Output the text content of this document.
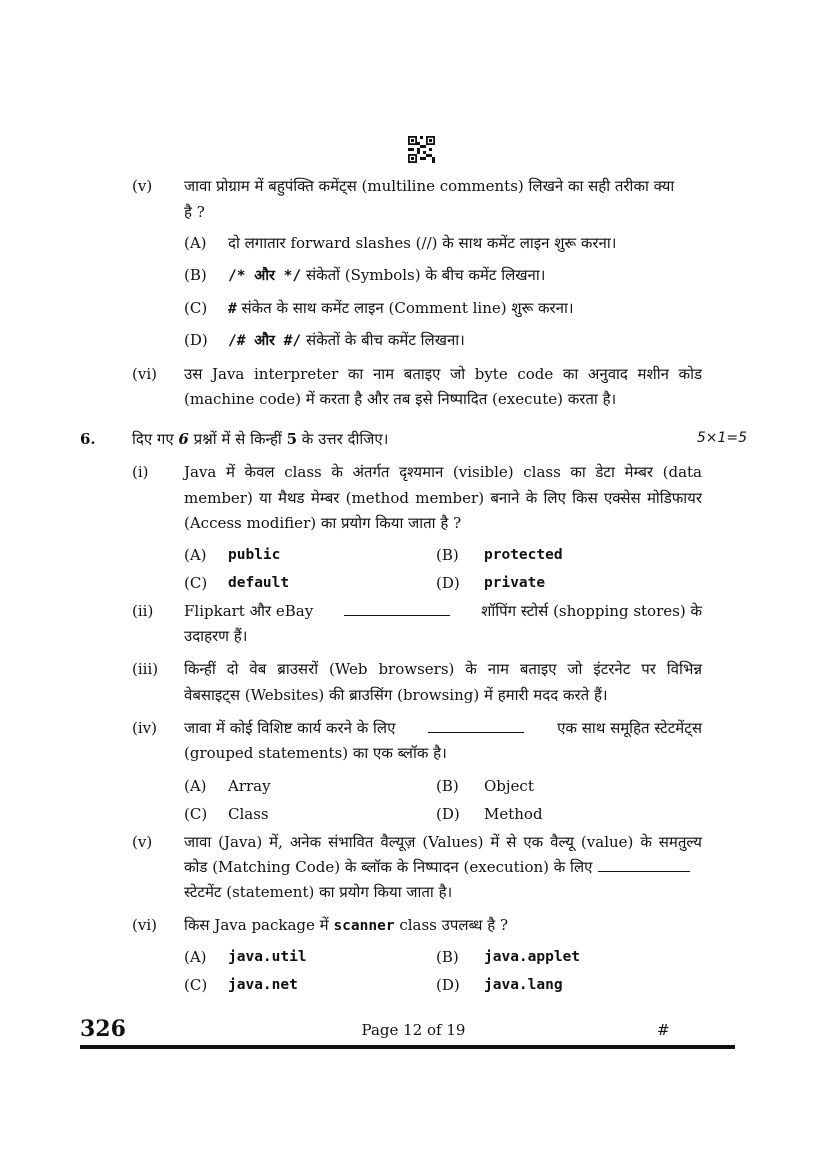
(v) जावा प्रोग्राम में बहुपंक्ति कमेंट्स (multiline comments) लिखने का सही तरीका क्या
है ?
(A) दो लगातार forward slashes (//) के साथ कमेंट लाइन शुरू करना।
(B) /* और */ संकेतों (Symbols) के बीच कमेंट लिखना।
(C) # संकेत के साथ कमेंट लाइन (Comment line) शुरू करना।
(D) /# और #/ संकेतों के बीच कमेंट लिखना।
(vi) उस Java interpreter का नाम बताइए जो byte code का अनुवाद मशीन कोड
(machine code) में करता है और तब इसे निष्पादित (execute) करता है।
6. दिए गए 6 प्रश्नों में से किन्हीं 5 के उत्तर दीजिए।	5×1=5
(i) Java में केवल class के अंतर्गत दृश्यमान (visible) class का डेटा मेम्बर (data
member) या मैथड मेम्बर (method member) बनाने के लिए किस एक्सेस मोडिफायर
(Access modifier) का प्रयोग किया जाता है ?
(A) public	(B) protected
(C) default	(D) private
(ii) Flipkart और eBay	शॉपिंग स्टोर्स (shopping stores) के
उदाहरण हैं।
(iii) किन्हीं दो वेब ब्राउसरों (Web browsers) के नाम बताइए जो इंटरनेट पर विभिन्न
वेबसाइट्स (Websites) की ब्राउसिंग (browsing) में हमारी मदद करते हैं।
(iv) जावा में कोई विशिष्ट कार्य करने के लिए	एक साथ समूहित स्टेटमेंट्स
(grouped statements) का एक ब्लॉक है।
(A) Array	(B) Object
(C) Class	(D) Method
(v) जावा (Java) में, अनेक संभावित वैल्यूज़ (Values) में से एक वैल्यू (value) के समतुल्य
कोड (Matching Code) के ब्लॉक के निष्पादन (execution) के लिए
स्टेटमेंट (statement) का प्रयोग किया जाता है।
(vi) किस Java package में scanner class उपलब्ध है ?
(A) java.util	(B) java.applet
(C) java.net	(D) java.lang
326	Page 12 of 19	#
